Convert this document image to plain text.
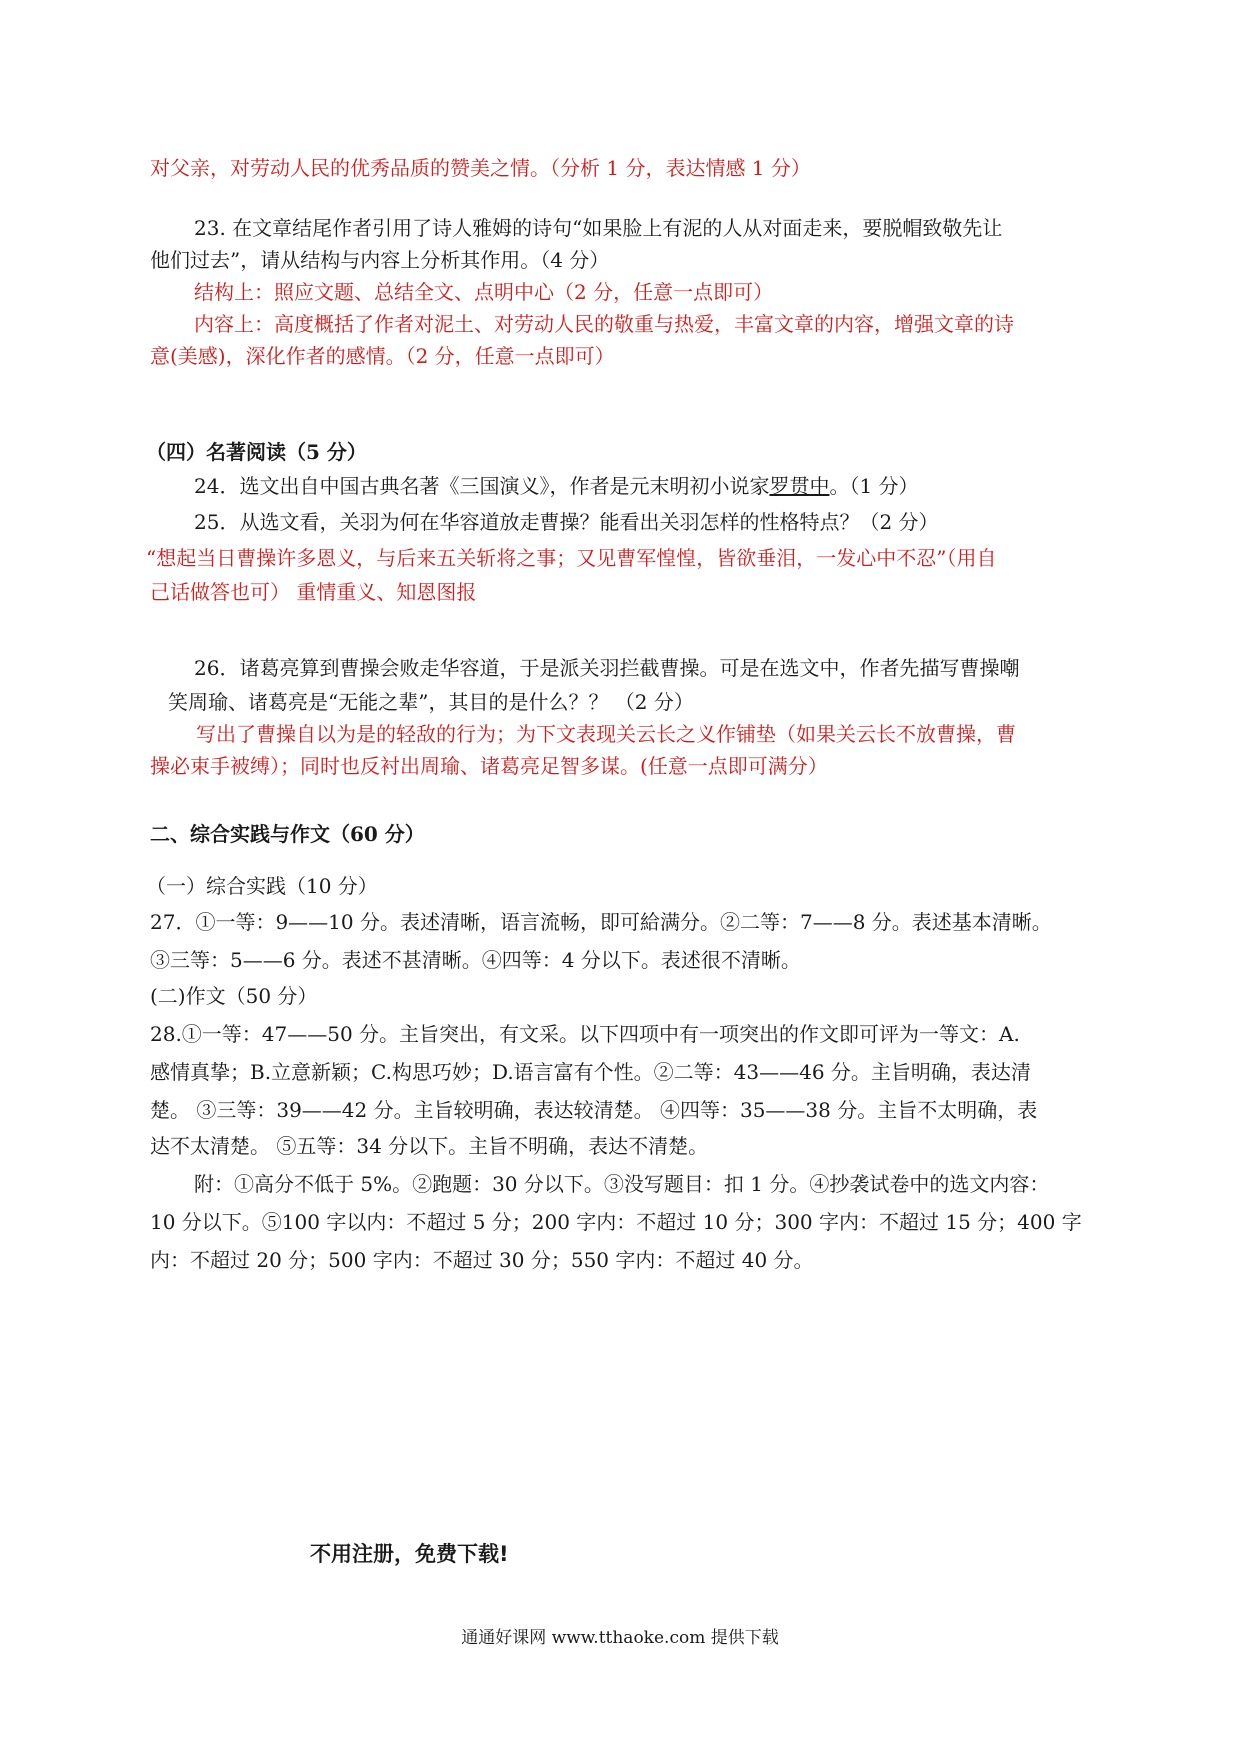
对父亲，对劳动人民的优秀品质的赞美之情。（分析 1 分，表达情感 1 分）
23. 在文章结尾作者引用了诗人雅姆的诗句“如果脸上有泥的人从对面走来，要脱帽致敬先让
他们过去”，请从结构与内容上分析其作用。（4 分）
结构上：照应文题、总结全文、点明中心（2 分，任意一点即可）
内容上：高度概括了作者对泥土、对劳动人民的敬重与热爱，丰富文章的内容，增强文章的诗
意(美感)，深化作者的感情。（2 分，任意一点即可）
（四）名著阅读（5 分）
24．选文出自中国古典名著《三国演义》，作者是元末明初小说家罗贯中。（1 分）
25．从选文看，关羽为何在华容道放走曹操？能看出关羽怎样的性格特点？（2 分）
“想起当日曹操许多恩义，与后来五关斩将之事；又见曹军惶惶，皆欲垂泪，一发心中不忍”（用自
己话做答也可） 重情重义、知恩图报
26．诸葛亮算到曹操会败走华容道，于是派关羽拦截曹操。可是在选文中，作者先描写曹操嘲
笑周瑜、诸葛亮是“无能之辈”，其目的是什么？？ （2 分）
写出了曹操自以为是的轻敌的行为；为下文表现关云长之义作铺垫（如果关云长不放曹操，曹
操必束手被缚）；同时也反衬出周瑜、诸葛亮足智多谋。(任意一点即可满分）
二、综合实践与作文（60 分）
（一）综合实践（10 分）
27．①一等：9——10 分。表述清晰，语言流畅，即可給满分。②二等：7——8 分。表述基本清晰。
③三等：5——6 分。表述不甚清晰。④四等：4 分以下。表述很不清晰。
(二)作文（50 分）
28.①一等：47——50 分。主旨突出，有文采。以下四项中有一项突出的作文即可评为一等文：A.
感情真挚；B.立意新颖；C.构思巧妙；D.语言富有个性。②二等：43——46 分。主旨明确，表达清
楚。 ③三等：39——42 分。主旨较明确，表达较清楚。 ④四等：35——38 分。主旨不太明确，表
达不太清楚。 ⑤五等：34 分以下。主旨不明确，表达不清楚。
附：①高分不低于 5%。②跑题：30 分以下。③没写题目：扣 1 分。④抄袭试卷中的选文内容：
10 分以下。⑤100 字以内：不超过 5 分；200 字内：不超过 10 分；300 字内：不超过 15 分；400 字
内：不超过 20 分；500 字内：不超过 30 分；550 字内：不超过 40 分。
不用注册，免费下载!
通通好课网 www.tthaoke.com 提供下载
